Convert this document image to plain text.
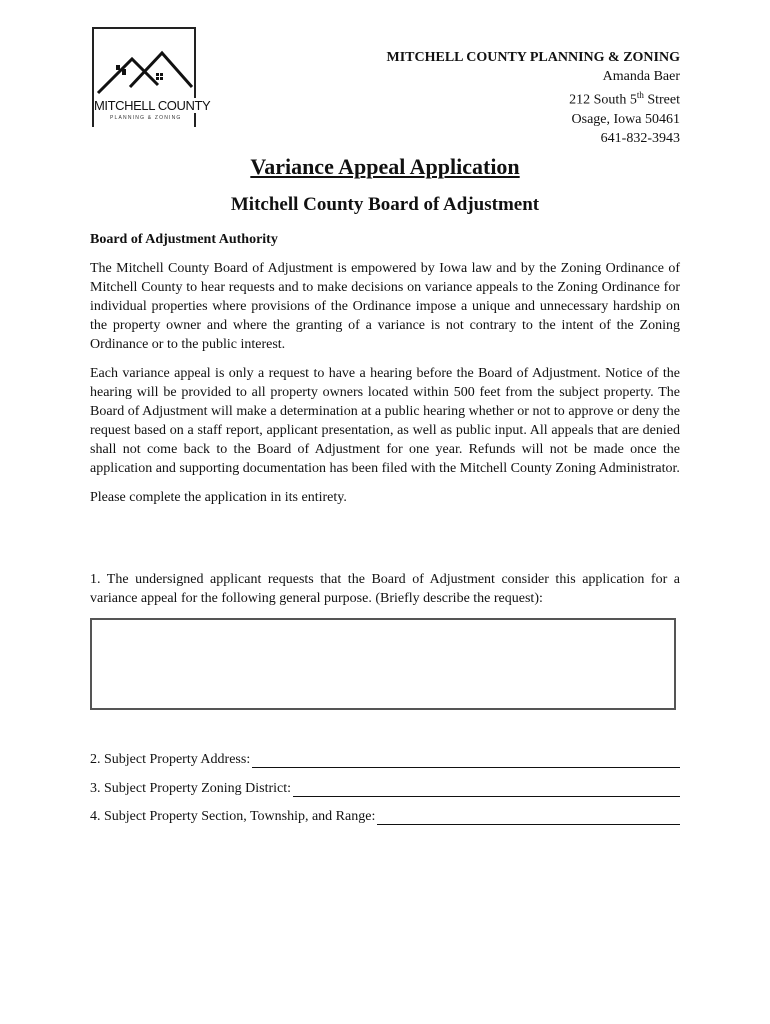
MITCHELL COUNTY
PLANNING & ZONING
MITCHELL COUNTY PLANNING & ZONING
Amanda Baer
212 South 5th Street
Osage, Iowa 50461
641-832-3943
Variance Appeal Application
Mitchell County Board of Adjustment

Board of Adjustment Authority

The Mitchell County Board of Adjustment is empowered by Iowa law and by the Zoning Ordinance of Mitchell County to hear requests and to make decisions on variance appeals to the Zoning Ordinance for individual properties where provisions of the Ordinance impose a unique and unnecessary hardship on the property owner and where the granting of a variance is not contrary to the intent of the Zoning Ordinance or to the public interest.

Each variance appeal is only a request to have a hearing before the Board of Adjustment. Notice of the hearing will be provided to all property owners located within 500 feet from the subject property. The Board of Adjustment will make a determination at a public hearing whether or not to approve or deny the request based on a staff report, applicant presentation, as well as public input. All appeals that are denied shall not come back to the Board of Adjustment for one year. Refunds will not be made once the application and supporting documentation has been filed with the Mitchell County Zoning Administrator.

Please complete the application in its entirety.

1. The undersigned applicant requests that the Board of Adjustment consider this application for a variance appeal for the following general purpose. (Briefly describe the request):
2. Subject Property Address:
3. Subject Property Zoning District:
4. Subject Property Section, Township, and Range:
